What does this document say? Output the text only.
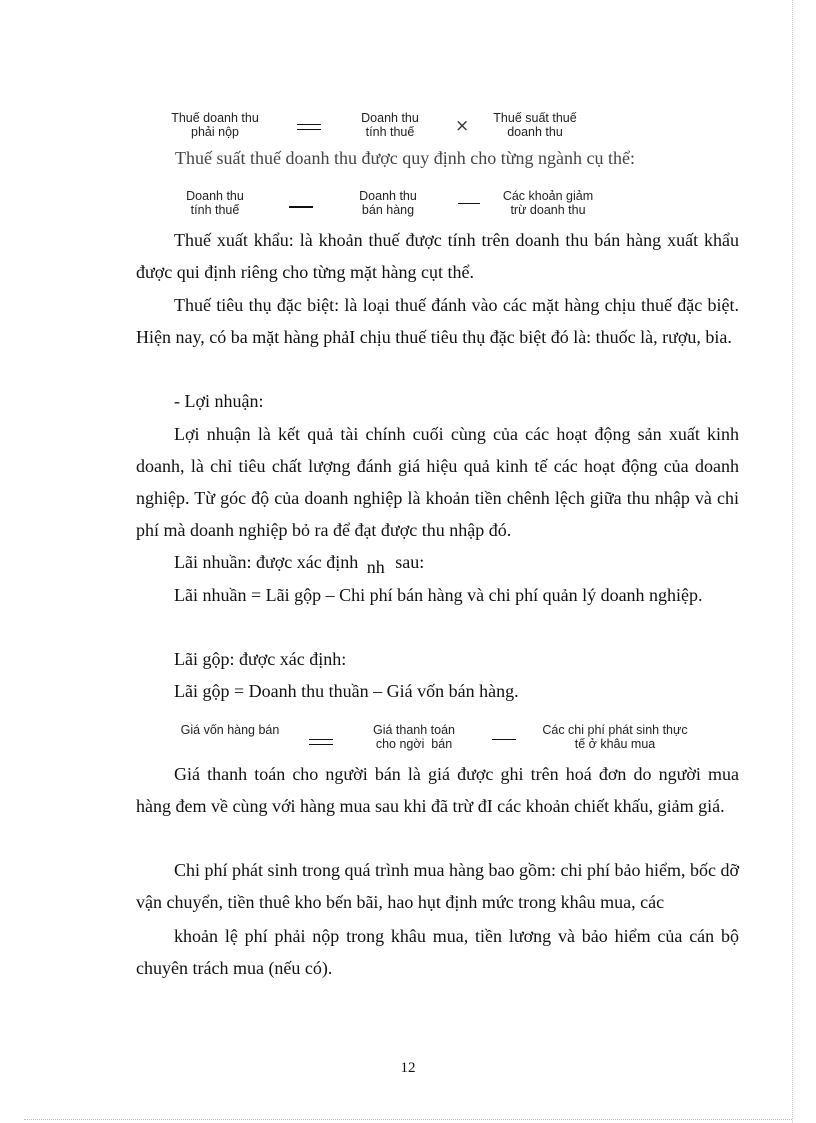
Thuế doanh thu
phải nộp
Doanh thu
tính thuế	×	Thuế suất thuế
doanh thu
Thuế suất thuế doanh thu được quy định cho từng ngành cụ thể:
Doanh thu
tính thuế
Doanh thu
bán hàng
Các khoản giảm
trừ doanh thu
Thuế xuất khẩu: là khoản thuế được tính trên doanh thu bán hàng xuất khẩu được qui định riêng cho từng mặt hàng cụt thể.
Thuế tiêu thụ đặc biệt: là loại thuế đánh vào các mặt hàng chịu thuế đặc biệt. Hiện nay, có ba mặt hàng phảI chịu thuế tiêu thụ đặc biệt đó là: thuốc là, rượu, bia.
- Lợi nhuận:
Lợi nhuận là kết quả tài chính cuối cùng của các hoạt động sản xuất kinh doanh, là chỉ tiêu chất lượng đánh giá hiệu quả kinh tế các hoạt động của doanh nghiệp. Từ góc độ của doanh nghiệp là khoản tiền chênh lệch giữa thu nhập và chi phí mà doanh nghiệp bỏ ra để đạt được thu nhập đó.
Lãi nhuần: được xác định nh sau:
Lãi nhuần = Lãi gộp – Chi phí bán hàng và chi phí quản lý doanh nghiệp.
Lãi gộp: được xác định:
Lãi gộp = Doanh thu thuần – Giá vốn bán hàng.
Giá vốn hàng bán	Giá thanh toán
cho ngời  bán
Các chi phí phát sinh thực
tế ở khâu mua
Giá thanh toán cho người bán là giá được ghi trên hoá đơn do người mua hàng đem về cùng với hàng mua sau khi đã trừ đI các khoản chiết khấu, giảm giá.
Chi phí phát sinh trong quá trình mua hàng bao gồm: chi phí bảo hiểm, bốc dỡ vận chuyển, tiền thuê kho bến bãi, hao hụt định mức trong khâu mua, các
khoản lệ phí phải nộp trong khâu mua, tiền lương và bảo hiểm của cán bộ chuyên trách mua (nếu có).
12
